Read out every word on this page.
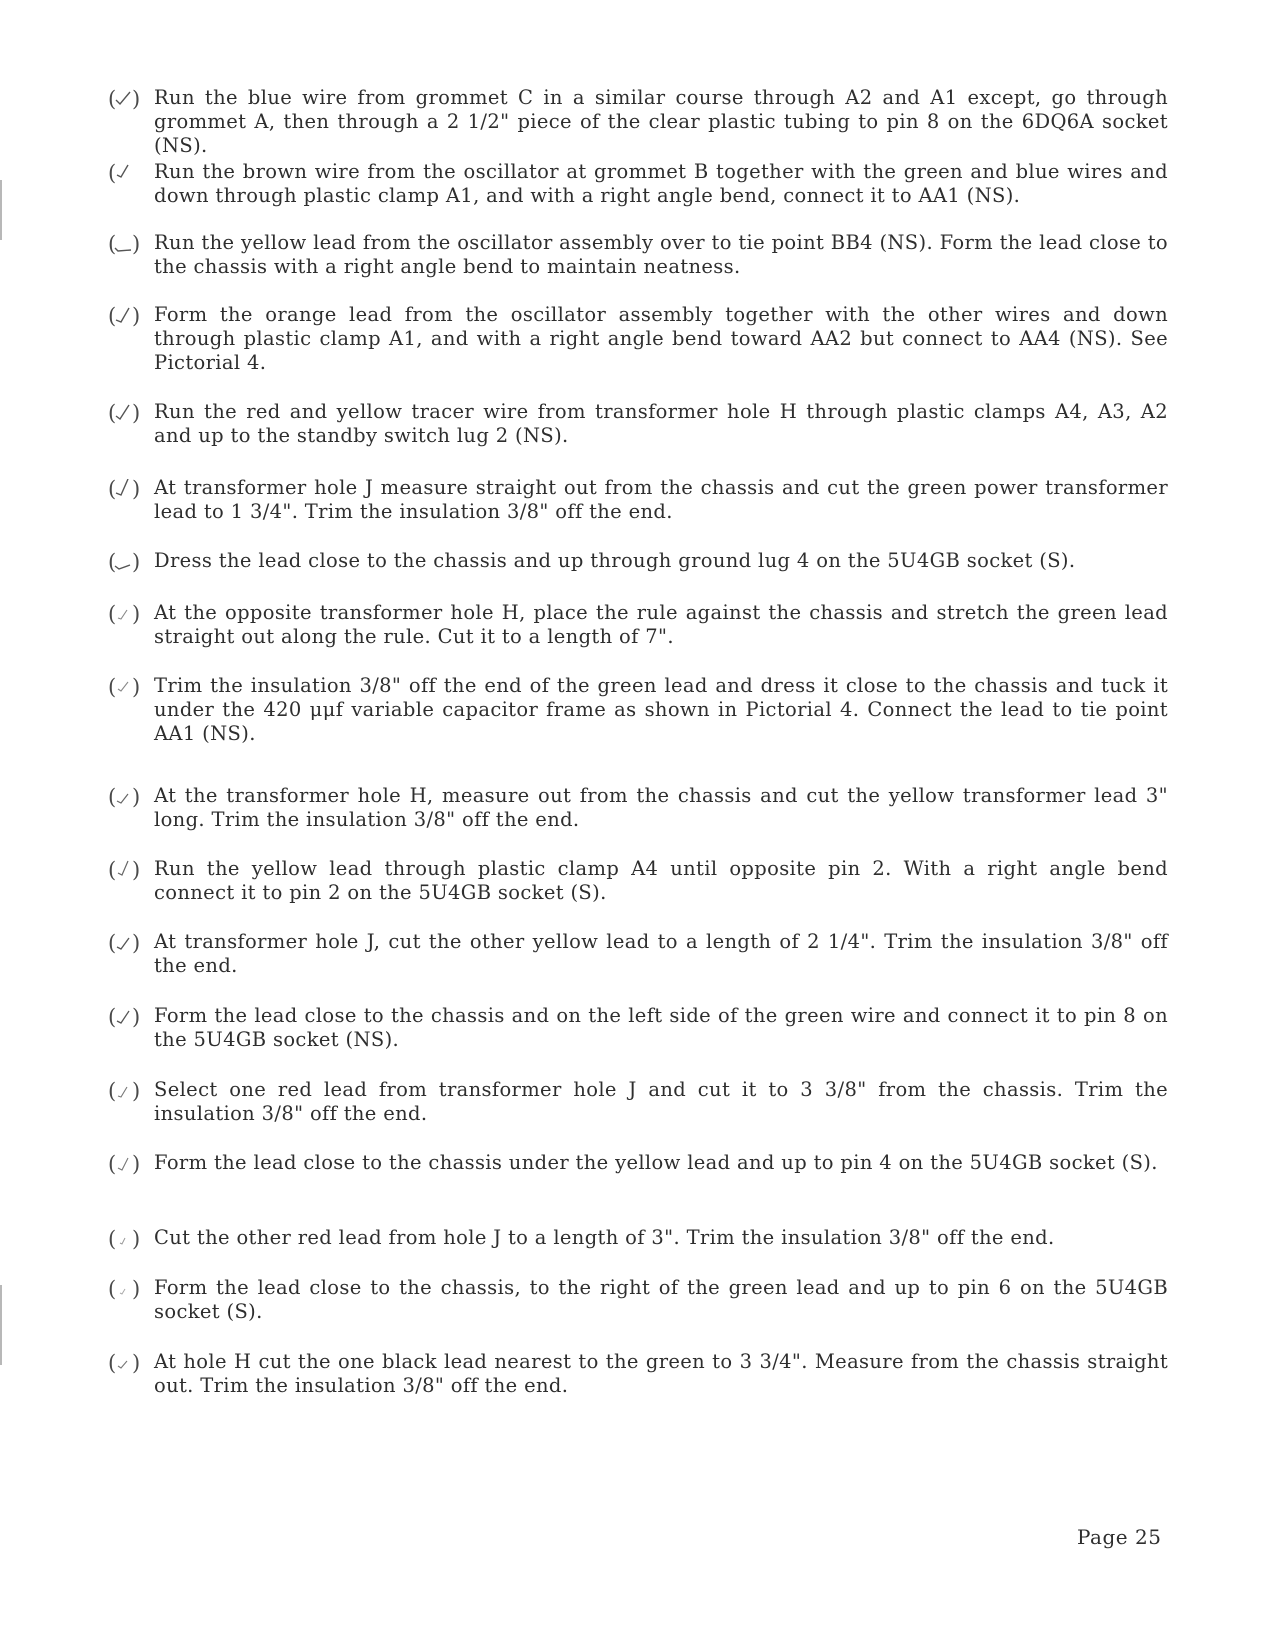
( ) Run the blue wire from grommet C in a similar course through A2 and A1 except, go through grommet A, then through a 2 1/2" piece of the clear plastic tubing to pin 8 on the 6DQ6A socket (NS).
( Run the brown wire from the oscillator at grommet B together with the green and blue wires and down through plastic clamp A1, and with a right angle bend, connect it to AA1 (NS).
( ) Run the yellow lead from the oscillator assembly over to tie point BB4 (NS). Form the lead close to the chassis with a right angle bend to maintain neatness.
( ) Form the orange lead from the oscillator assembly together with the other wires and down through plastic clamp A1, and with a right angle bend toward AA2 but connect to AA4 (NS). See Pictorial 4.
( ) Run the red and yellow tracer wire from transformer hole H through plastic clamps A4, A3, A2 and up to the standby switch lug 2 (NS).
( ) At transformer hole J measure straight out from the chassis and cut the green power transformer lead to 1 3/4". Trim the insulation 3/8" off the end.
( ) Dress the lead close to the chassis and up through ground lug 4 on the 5U4GB socket (S).
( ) At the opposite transformer hole H, place the rule against the chassis and stretch the green lead straight out along the rule. Cut it to a length of 7".
( ) Trim the insulation 3/8" off the end of the green lead and dress it close to the chassis and tuck it under the 420 μμf variable capacitor frame as shown in Pictorial 4. Connect the lead to tie point AA1 (NS).
( ) At the transformer hole H, measure out from the chassis and cut the yellow transformer lead 3" long. Trim the insulation 3/8" off the end.
( ) Run the yellow lead through plastic clamp A4 until opposite pin 2. With a right angle bend connect it to pin 2 on the 5U4GB socket (S).
( ) At transformer hole J, cut the other yellow lead to a length of 2 1/4". Trim the insulation 3/8" off the end.
( ) Form the lead close to the chassis and on the left side of the green wire and connect it to pin 8 on the 5U4GB socket (NS).
( ) Select one red lead from transformer hole J and cut it to 3 3/8" from the chassis. Trim the insulation 3/8" off the end.
( ) Form the lead close to the chassis under the yellow lead and up to pin 4 on the 5U4GB socket (S).
( ) Cut the other red lead from hole J to a length of 3". Trim the insulation 3/8" off the end.
( ) Form the lead close to the chassis, to the right of the green lead and up to pin 6 on the 5U4GB socket (S).
( ) At hole H cut the one black lead nearest to the green to 3 3/4". Measure from the chassis straight out. Trim the insulation 3/8" off the end.
Page 25
